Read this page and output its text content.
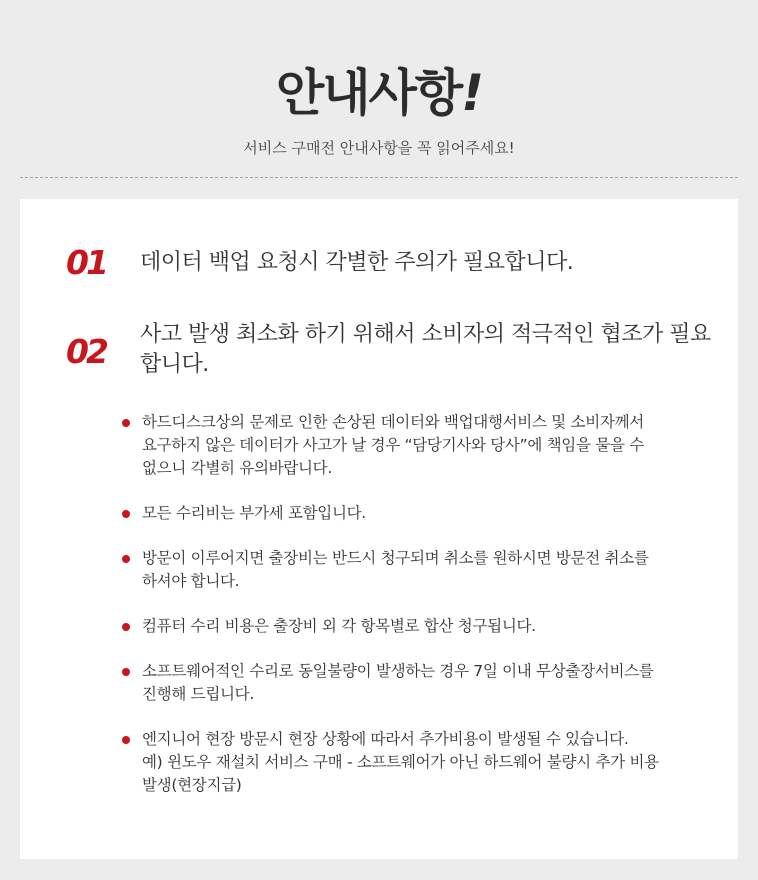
안내사항!
서비스 구매전 안내사항을 꼭 읽어주세요!
01 데이터 백업 요청시 각별한 주의가 필요합니다.
02 사고 발생 최소화 하기 위해서 소비자의 적극적인 협조가 필요합니다.
하드디스크상의 문제로 인한 손상된 데이터와 백업대행서비스 및 소비자께서
요구하지 않은 데이터가 사고가 날 경우 “담당기사와 당사”에 책임을 물을 수
없으니 각별히 유의바랍니다.
모든 수리비는 부가세 포함입니다.
방문이 이루어지면 출장비는 반드시 청구되며 취소를 원하시면 방문전 취소를
하셔야 합니다.
컴퓨터 수리 비용은 출장비 외 각 항목별로 합산 청구됩니다.
소프트웨어적인 수리로 동일불량이 발생하는 경우 7일 이내 무상출장서비스를
진행해 드립니다.
엔지니어 현장 방문시 현장 상황에 따라서 추가비용이 발생될 수 있습니다.
예) 윈도우 재설치 서비스 구매 - 소프트웨어가 아닌 하드웨어 불량시 추가 비용
발생(현장지급)
